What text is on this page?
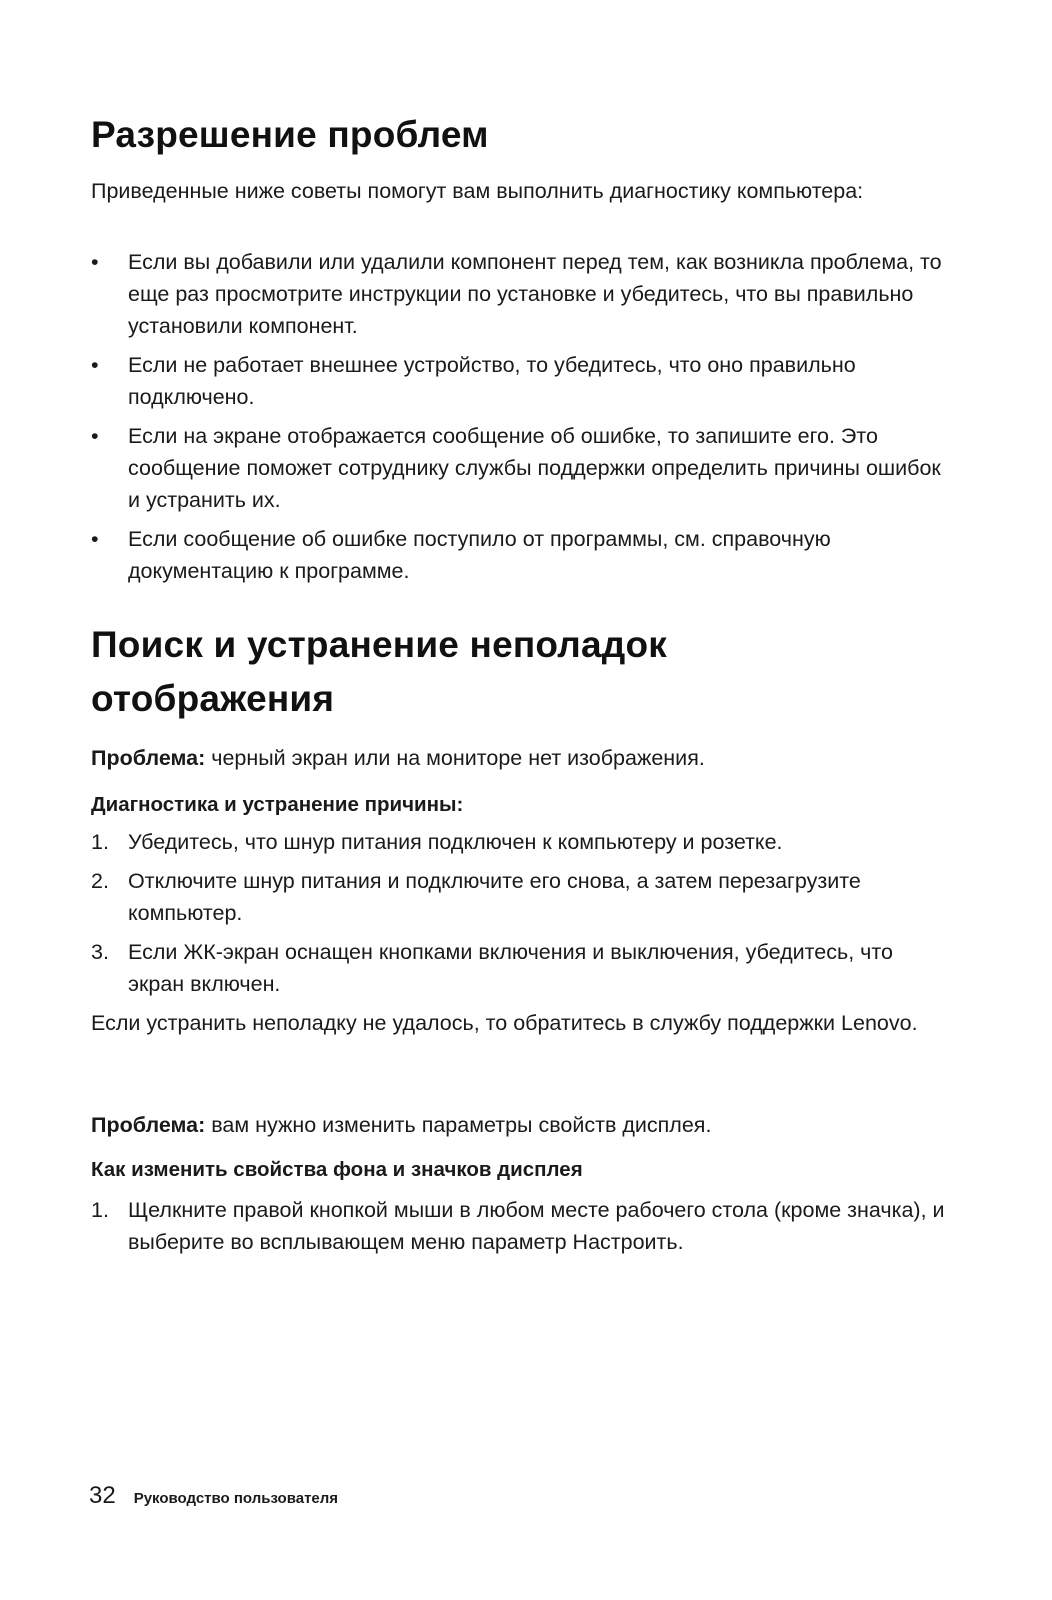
Разрешение проблем

Приведенные ниже советы помогут вам выполнить диагностику компьютера:

• Если вы добавили или удалили компонент перед тем, как возникла проблема, то еще раз просмотрите инструкции по установке и убедитесь, что вы правильно установили компонент.
• Если не работает внешнее устройство, то убедитесь, что оно правильно подключено.
• Если на экране отображается сообщение об ошибке, то запишите его. Это сообщение поможет сотруднику службы поддержки определить причины ошибок и устранить их.
• Если сообщение об ошибке поступило от программы, см. справочную документацию к программе.
Поиск и устранение неполадок отображения

Проблема: черный экран или на мониторе нет изображения.

Диагностика и устранение причины:

1. Убедитесь, что шнур питания подключен к компьютеру и розетке.
2. Отключите шнур питания и подключите его снова, а затем перезагрузите компьютер.
3. Если ЖК-экран оснащен кнопками включения и выключения, убедитесь, что экран включен.

Если устранить неполадку не удалось, то обратитесь в службу поддержки Lenovo.

Проблема: вам нужно изменить параметры свойств дисплея.

Как изменить свойства фона и значков дисплея

1. Щелкните правой кнопкой мыши в любом месте рабочего стола (кроме значка), и выберите во всплывающем меню параметр Настроить.
32 Руководство пользователя
